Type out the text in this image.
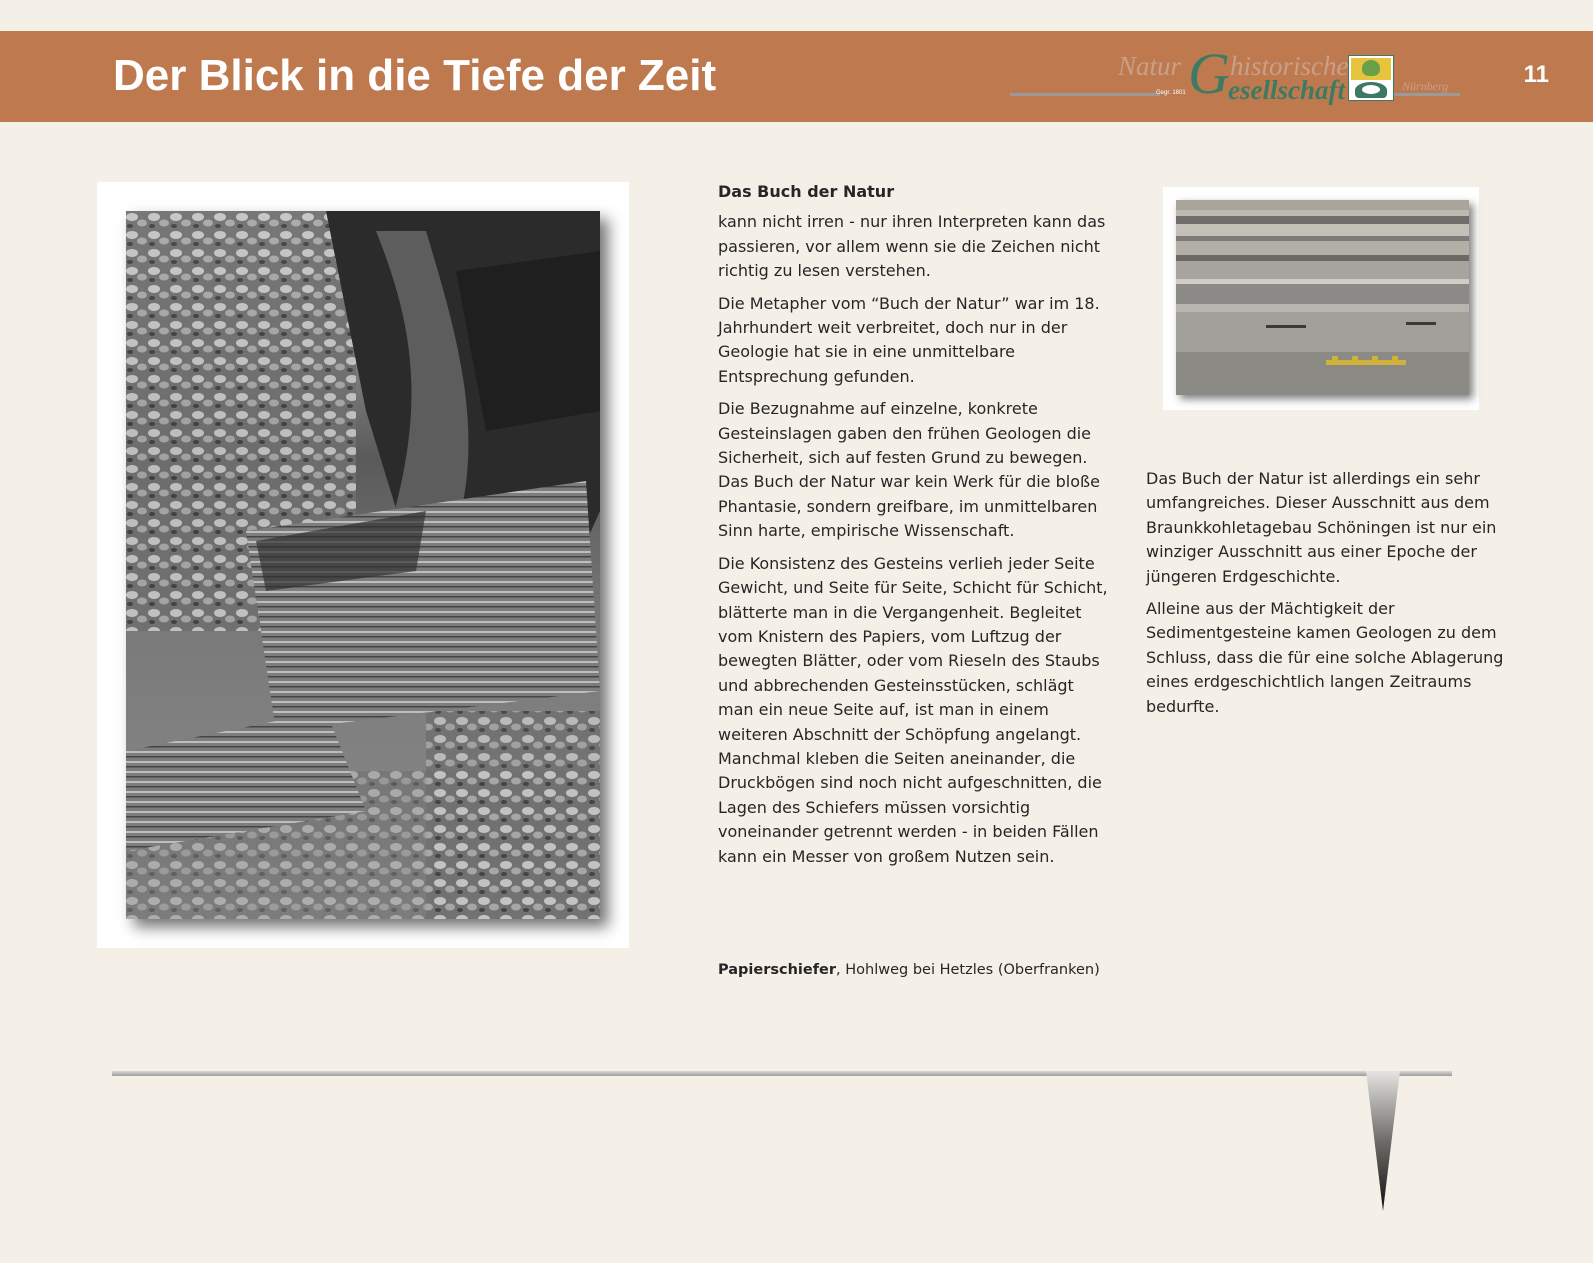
Der Blick in die Tiefe der Zeit	Natur G historische
esellschaft
Gegr. 1801	Nürnberg	11

Das Buch der Natur

kann nicht irren - nur ihren Interpreten kann das passieren, vor allem wenn sie die Zeichen nicht richtig zu lesen verstehen.

Die Metapher vom “Buch der Natur” war im 18. Jahrhundert weit verbreitet, doch nur in der Geologie hat sie in eine unmittelbare Entsprechung gefunden.

Die Bezugnahme auf einzelne, konkrete Gesteinslagen gaben den frühen Geologen die Sicherheit, sich auf festen Grund zu bewegen. Das Buch der Natur war kein Werk für die bloße Phantasie, sondern greifbare, im unmittelbaren Sinn harte, empirische Wissenschaft.

Die Konsistenz des Gesteins verlieh jeder Seite Gewicht, und Seite für Seite, Schicht für Schicht, blätterte man in die Vergangenheit. Begleitet vom Knistern des Papiers, vom Luftzug der bewegten Blätter, oder vom Rieseln des Staubs und abbrechenden Gesteinsstücken, schlägt man ein neue Seite auf, ist man in einem weiteren Abschnitt der Schöpfung angelangt. Manchmal kleben die Seiten aneinander, die Druckbögen sind noch nicht aufgeschnitten, die Lagen des Schiefers müssen vorsichtig voneinander getrennt werden - in beiden Fällen kann ein Messer von großem Nutzen sein.

Papierschiefer, Hohlweg bei Hetzles (Oberfranken)

Das Buch der Natur ist allerdings ein sehr umfangreiches. Dieser Ausschnitt aus dem Braunkkohletagebau Schöningen ist nur ein winziger Ausschnitt aus einer Epoche der jüngeren Erdgeschichte.

Alleine aus der Mächtigkeit der Sedimentgesteine kamen Geologen zu dem Schluss, dass die für eine solche Ablagerung eines erdgeschichtlich langen Zeitraums bedurfte.
